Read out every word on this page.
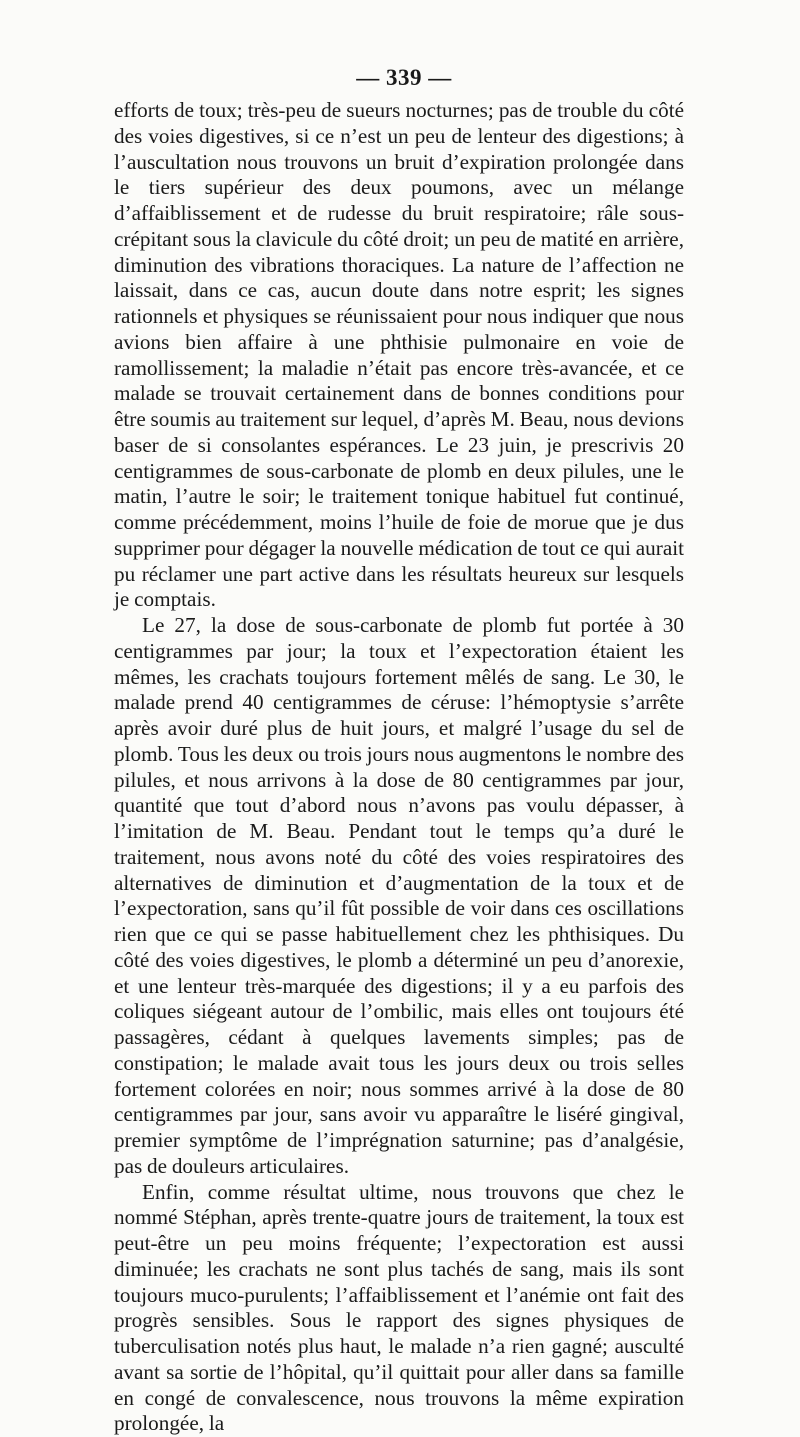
— 339 —

efforts de toux; très-peu de sueurs nocturnes; pas de trouble du côté des voies digestives, si ce n’est un peu de lenteur des digestions; à l’auscultation nous trouvons un bruit d’expiration prolongée dans le tiers supérieur des deux poumons, avec un mélange d’affaiblissement et de rudesse du bruit respiratoire; râle sous-crépitant sous la clavicule du côté droit; un peu de matité en arrière, diminution des vibrations thoraciques. La nature de l’affection ne laissait, dans ce cas, aucun doute dans notre esprit; les signes rationnels et physiques se réunissaient pour nous indiquer que nous avions bien affaire à une phthisie pulmonaire en voie de ramollissement; la maladie n’était pas encore très-avancée, et ce malade se trouvait certainement dans de bonnes conditions pour être soumis au traitement sur lequel, d’après M. Beau, nous devions baser de si consolantes espérances. Le 23 juin, je prescrivis 20 centigrammes de sous-carbonate de plomb en deux pilules, une le matin, l’autre le soir; le traitement tonique habituel fut continué, comme précédemment, moins l’huile de foie de morue que je dus supprimer pour dégager la nouvelle médication de tout ce qui aurait pu réclamer une part active dans les résultats heureux sur lesquels je comptais.

Le 27, la dose de sous-carbonate de plomb fut portée à 30 centigrammes par jour; la toux et l’expectoration étaient les mêmes, les crachats toujours fortement mêlés de sang. Le 30, le malade prend 40 centigrammes de céruse: l’hémoptysie s’arrête après avoir duré plus de huit jours, et malgré l’usage du sel de plomb. Tous les deux ou trois jours nous augmentons le nombre des pilules, et nous arrivons à la dose de 80 centigrammes par jour, quantité que tout d’abord nous n’avons pas voulu dépasser, à l’imitation de M. Beau. Pendant tout le temps qu’a duré le traitement, nous avons noté du côté des voies respiratoires des alternatives de diminution et d’augmentation de la toux et de l’expectoration, sans qu’il fût possible de voir dans ces oscillations rien que ce qui se passe habituellement chez les phthisiques. Du côté des voies digestives, le plomb a déterminé un peu d’anorexie, et une lenteur très-marquée des digestions; il y a eu parfois des coliques siégeant autour de l’ombilic, mais elles ont toujours été passagères, cédant à quelques lavements simples; pas de constipation; le malade avait tous les jours deux ou trois selles fortement colorées en noir; nous sommes arrivé à la dose de 80 centigrammes par jour, sans avoir vu apparaître le liséré gingival, premier symptôme de l’imprégnation saturnine; pas d’analgésie, pas de douleurs articulaires.

Enfin, comme résultat ultime, nous trouvons que chez le nommé Stéphan, après trente-quatre jours de traitement, la toux est peut-être un peu moins fréquente; l’expectoration est aussi diminuée; les crachats ne sont plus tachés de sang, mais ils sont toujours muco-purulents; l’affaiblissement et l’anémie ont fait des progrès sensibles. Sous le rapport des signes physiques de tuberculisation notés plus haut, le malade n’a rien gagné; ausculté avant sa sortie de l’hôpital, qu’il quittait pour aller dans sa famille en congé de convalescence, nous trouvons la même expiration prolongée, la
